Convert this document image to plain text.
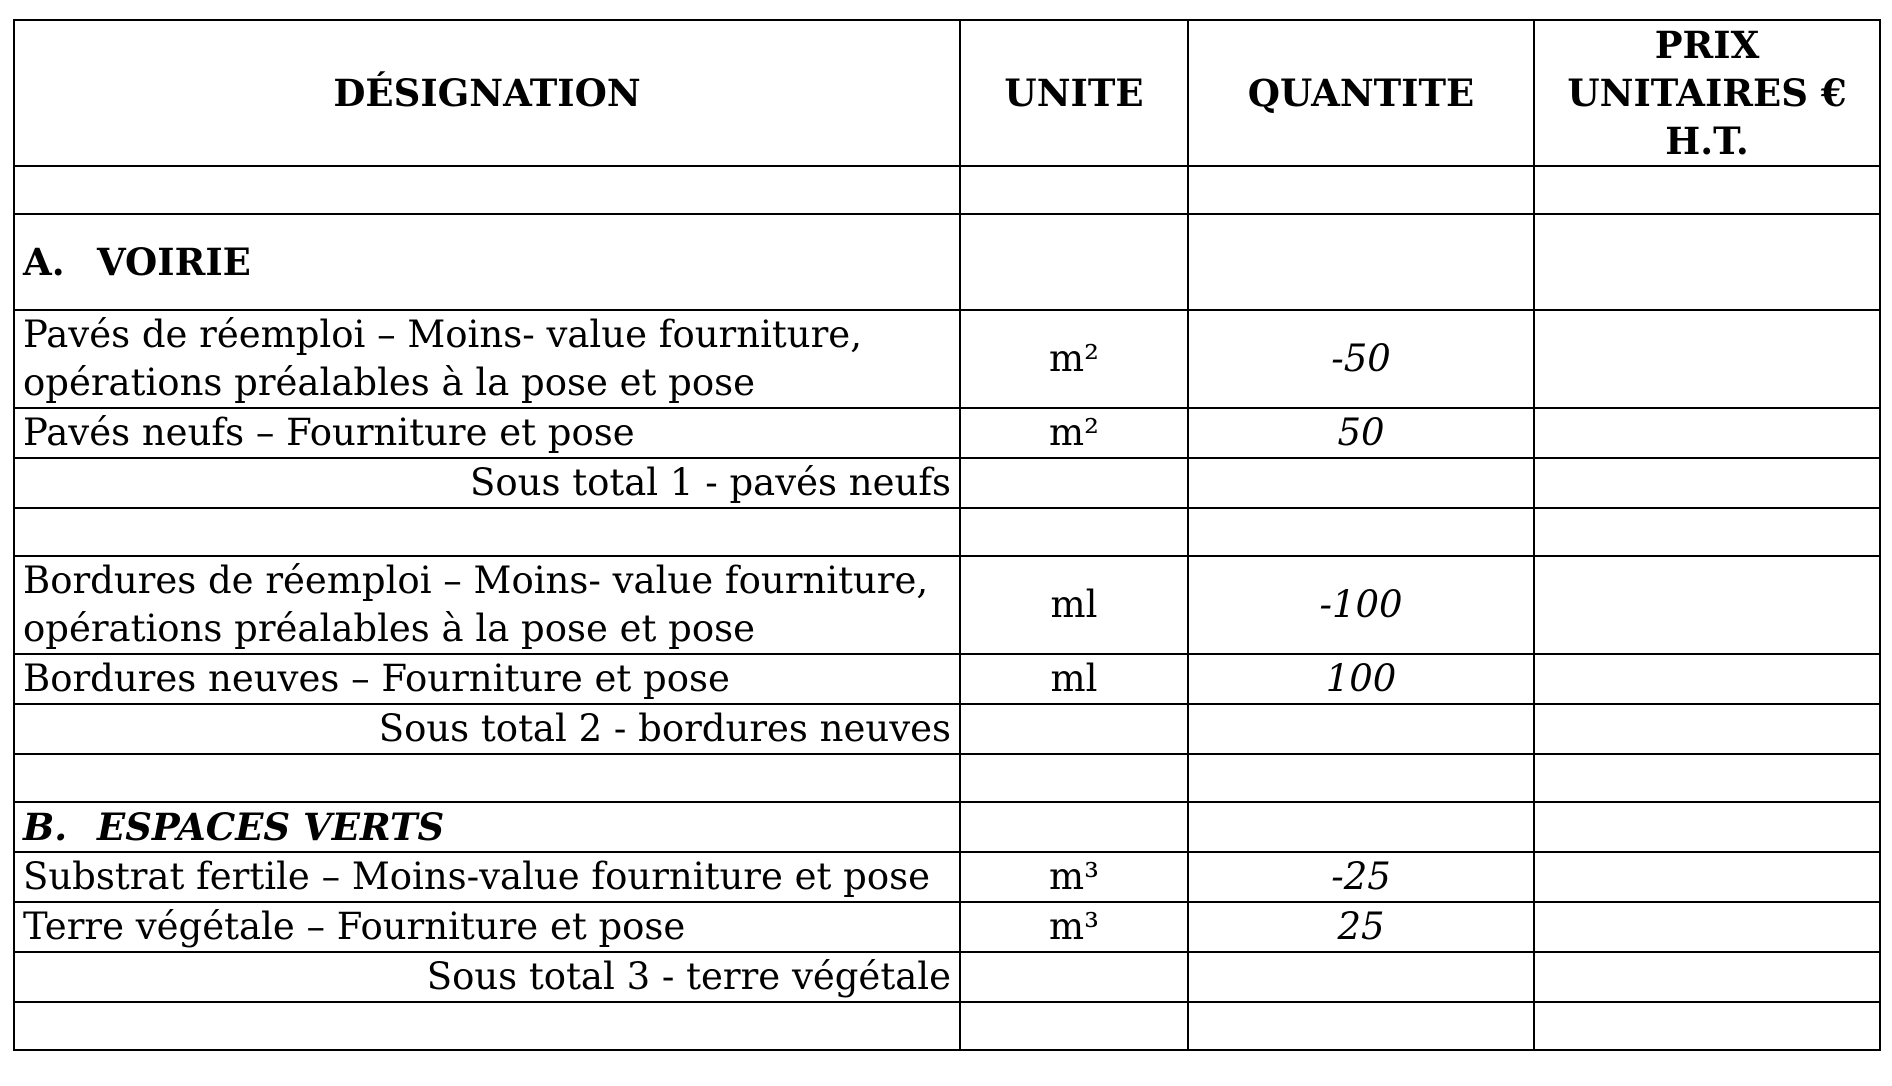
DÉSIGNATION	UNITE	QUANTITE	PRIX
UNITAIRES €
H.T.

A. VOIRIE			

Pavés de réemploi – Moins- value fourniture,
opérations préalables à la pose et pose	m²	-50	
Pavés neufs – Fourniture et pose	m²	50	
Sous total 1 - pavés neufs			

Bordures de réemploi – Moins- value fourniture,
opérations préalables à la pose et pose	ml	-100	
Bordures neuves – Fourniture et pose	ml	100	
Sous total 2 - bordures neuves			

B. ESPACES VERTS			
Substrat fertile – Moins-value fourniture et pose	m³	-25	
Terre végétale – Fourniture et pose	m³	25	
Sous total 3 - terre végétale			
